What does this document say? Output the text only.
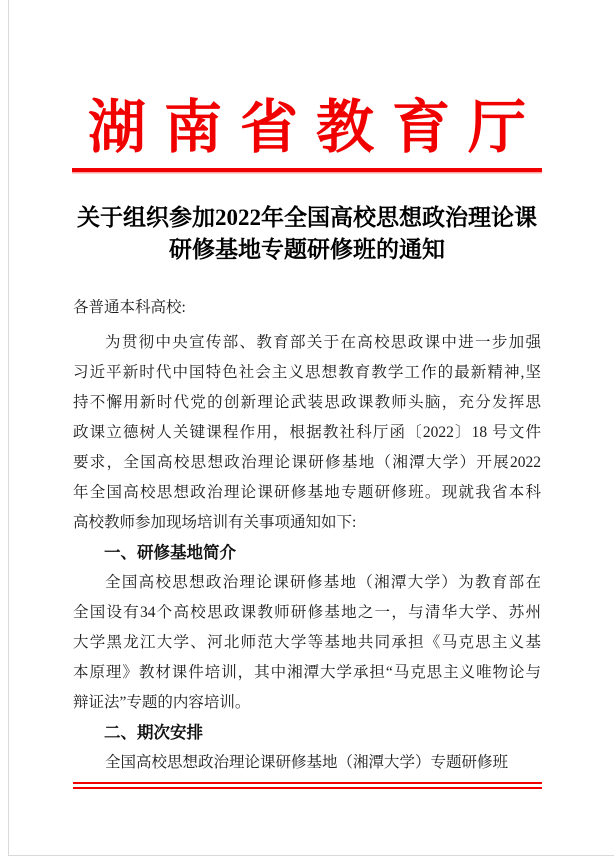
湖南省教育厅
关于组织参加2022年全国高校思想政治理论课
研修基地专题研修班的通知
各普通本科高校:
为贯彻中央宣传部、教育部关于在高校思政课中进一步加强
习近平新时代中国特色社会主义思想教育教学工作的最新精神,坚
持不懈用新时代党的创新理论武装思政课教师头脑，充分发挥思
政课立德树人关键课程作用，根据教社科厅函〔2022〕18 号文件
要求，全国高校思想政治理论课研修基地（湘潭大学）开展2022
年全国高校思想政治理论课研修基地专题研修班。现就我省本科
高校教师参加现场培训有关事项通知如下:
一、研修基地简介
全国高校思想政治理论课研修基地（湘潭大学）为教育部在
全国设有34个高校思政课教师研修基地之一，与清华大学、苏州
大学黑龙江大学、河北师范大学等基地共同承担《马克思主义基
本原理》教材课件培训，其中湘潭大学承担“马克思主义唯物论与
辩证法”专题的内容培训。
二、期次安排
全国高校思想政治理论课研修基地（湘潭大学）专题研修班
